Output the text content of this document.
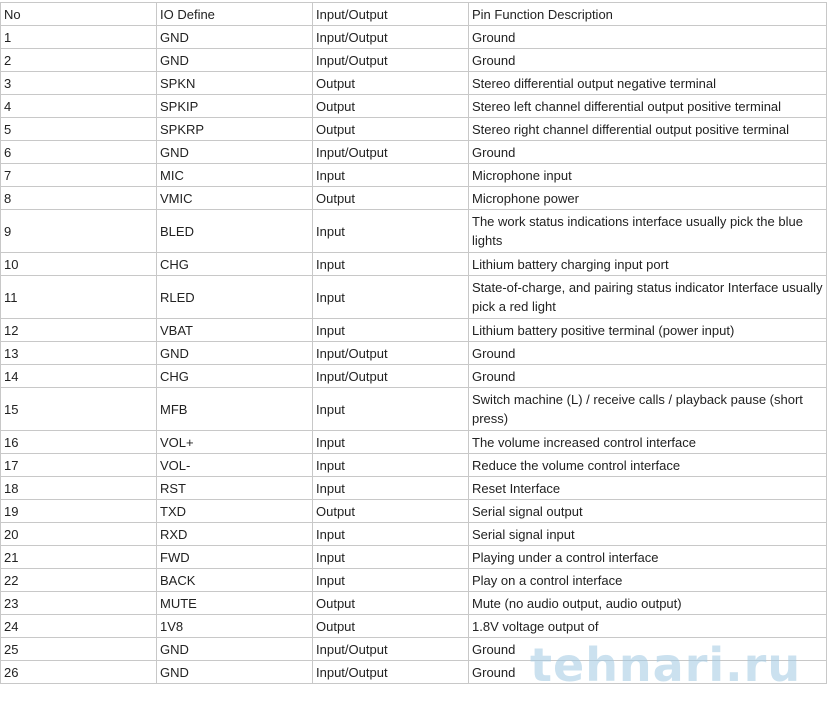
No	IO Define	Input/Output	Pin Function Description
1	GND	Input/Output	Ground
2	GND	Input/Output	Ground
3	SPKN	Output	Stereo differential output negative terminal
4	SPKIP	Output	Stereo left channel differential output positive terminal
5	SPKRP	Output	Stereo right channel differential output positive terminal
6	GND	Input/Output	Ground
7	MIC	Input	Microphone input
8	VMIC	Output	Microphone power
9	BLED	Input	The work status indications interface usually pick the blue lights
10	CHG	Input	Lithium battery charging input port
11	RLED	Input	State-of-charge, and pairing status indicator Interface usually pick a red light
12	VBAT	Input	Lithium battery positive terminal (power input)
13	GND	Input/Output	Ground
14	CHG	Input/Output	Ground
15	MFB	Input	Switch machine (L) / receive calls / playback pause (short press)
16	VOL+	Input	The volume increased control interface
17	VOL-	Input	Reduce the volume control interface
18	RST	Input	Reset Interface
19	TXD	Output	Serial signal output
20	RXD	Input	Serial signal input
21	FWD	Input	Playing under a control interface
22	BACK	Input	Play on a control interface
23	MUTE	Output	Mute (no audio output, audio output)
24	1V8	Output	1.8V voltage output of
25	GND	Input/Output	Ground
26	GND	Input/Output	Ground tehnari.ru
